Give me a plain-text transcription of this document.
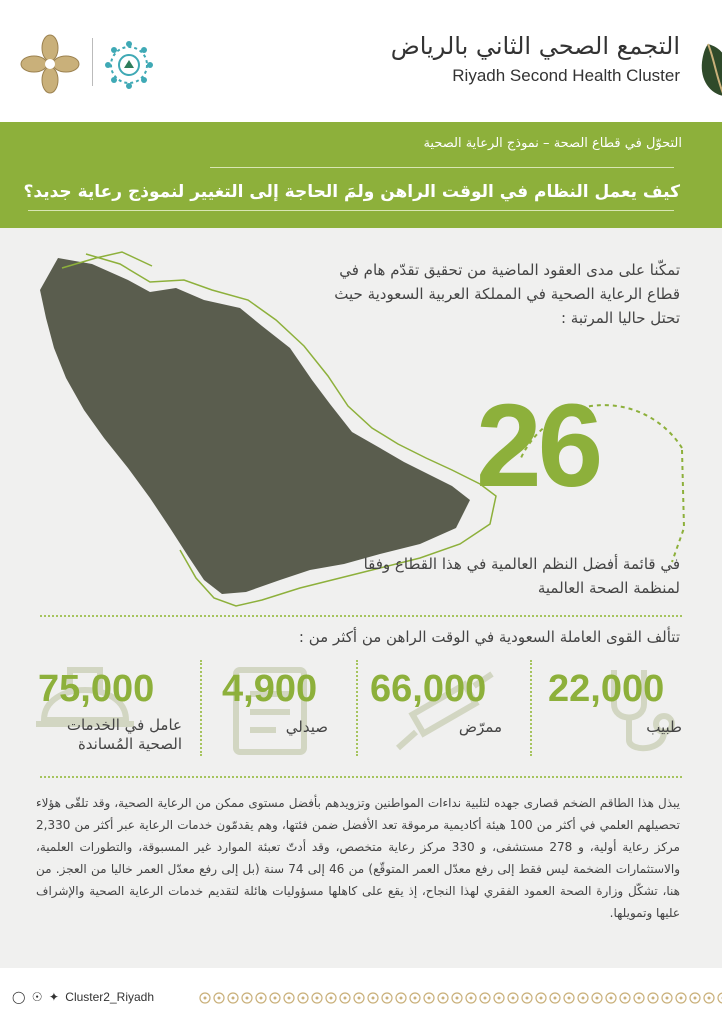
التجمع الصحي الثاني بالرياض
Riyadh Second Health Cluster
التحوّل في قطاع الصحة – نموذج الرعاية الصحية
كيف يعمل النظام في الوقت الراهن ولمَ الحاجة إلى التغيير لنموذج رعاية جديد؟
تمكّنا على مدى العقود الماضية من تحقيق تقدّم هام في قطاع الرعاية الصحية في المملكة العربية السعودية حيث تحتل حاليا المرتبة :
26
في قائمة أفضل النظم العالمية في هذا القطاع وفقا لمنظمة الصحة العالمية
تتألف القوى العاملة السعودية في الوقت الراهن من أكثر من :
22,000
طبيب
66,000
ممرّض
4,900
صيدلي
75,000
عامل في الخدمات الصحية المُساندة
يبذل هذا الطاقم الضخم قصارى جهده لتلبية نداءات المواطنين وتزويدهم بأفضل مستوى ممكن من الرعاية الصحية، وقد تلقّى هؤلاء تحصيلهم العلمي في أكثر من 100 هيئة أكاديمية مرموقة تعد الأفضل ضمن فئتها، وهم يقدمّون خدمات الرعاية عبر أكثر من 2,330 مركز رعاية أولية، و 278 مستشفى، و 330 مركز رعاية متخصص، وقد أدتّ تعبئة الموارد غير المسبوقة، والتطورات العلمية، والاستثمارات الضخمة ليس فقط إلى رفع معدّل العمر المتوقّع) من 46 إلى 74 سنة (بل إلى رفع معدّل العمر خاليا من العجز. من هنا، تشكّل وزارة الصحة العمود الفقري لهذا النجاح، إذ يقع على كاهلها مسؤوليات هائلة لتقديم خدمات الرعاية الصحية والإشراف عليها وتمويلها.
◯ ☉ ✦ Cluster2_Riyadh
